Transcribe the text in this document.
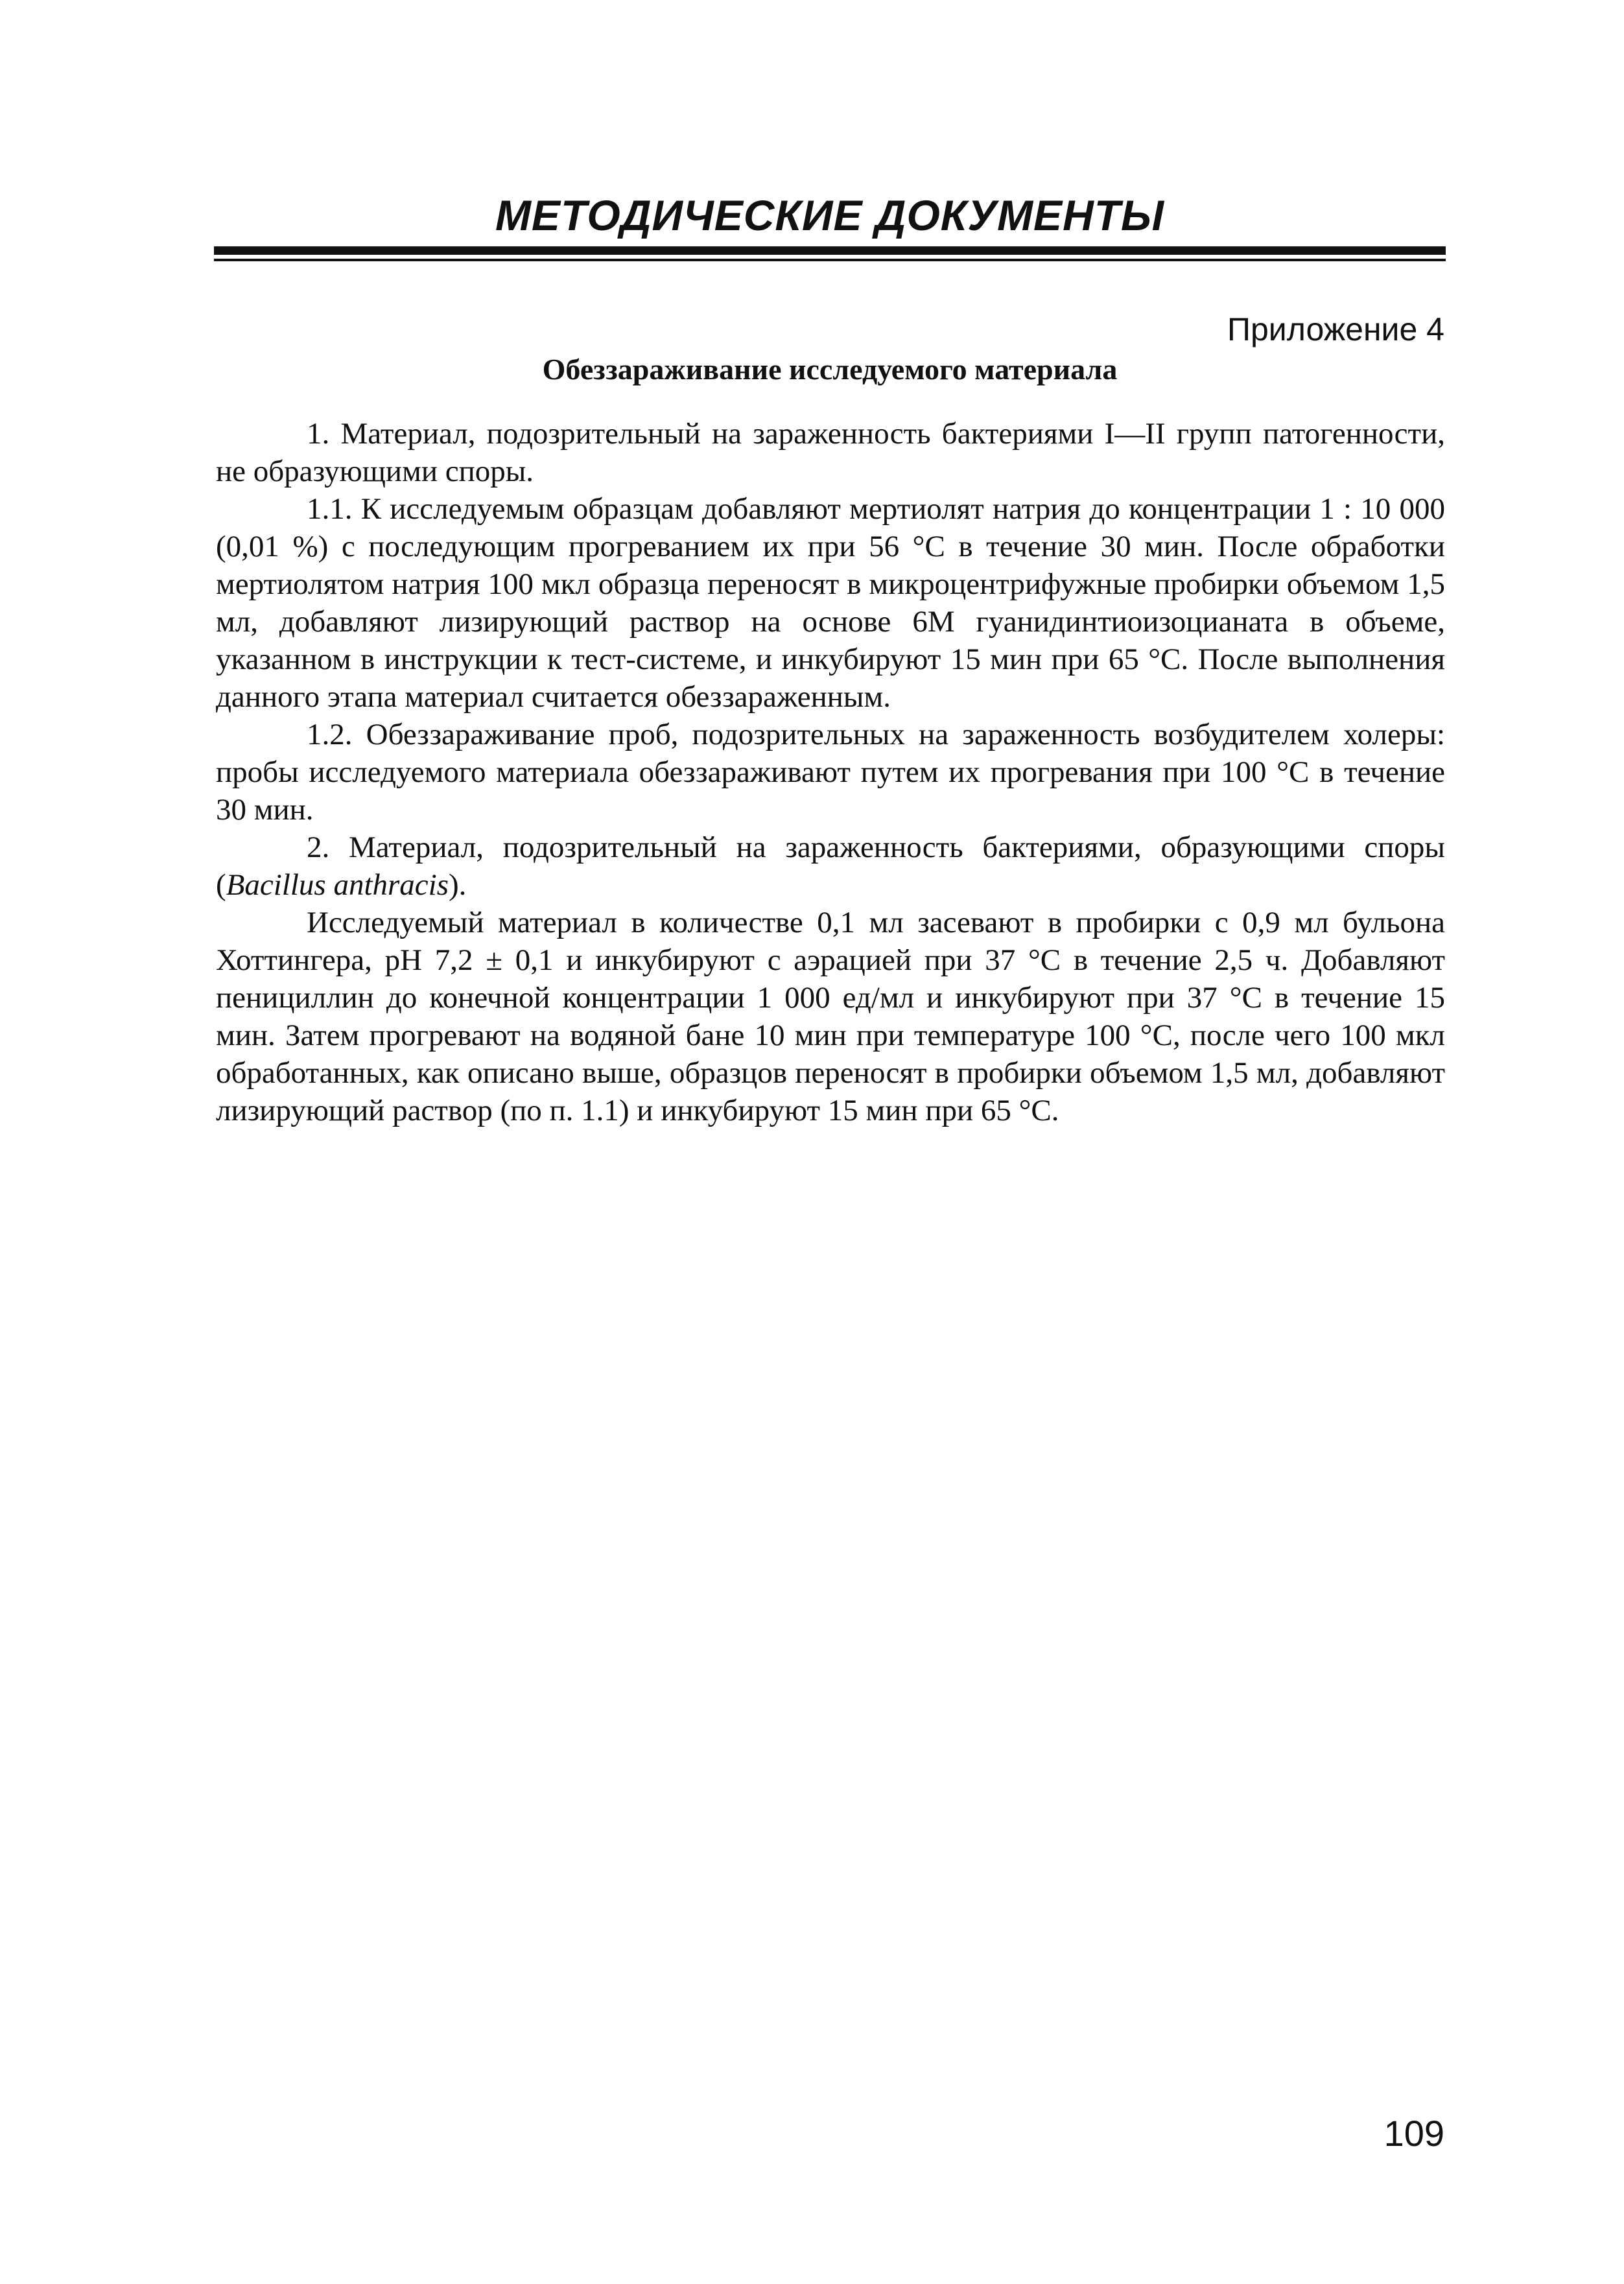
МЕТОДИЧЕСКИЕ ДОКУМЕНТЫ
Приложение 4
Обеззараживание исследуемого материала

1. Материал, подозрительный на зараженность бактериями I—II групп патогенности, не образующими споры.

1.1. К исследуемым образцам добавляют мертиолят натрия до концентрации 1 : 10 000 (0,01 %) с последующим прогреванием их при 56 °С в течение 30 мин. После обработки мертиолятом натрия 100 мкл образца переносят в микроцентрифужные пробирки объемом 1,5 мл, добавляют лизирующий раствор на основе 6М гуанидинтиоизоцианата в объеме, указанном в инструкции к тест-системе, и инкубируют 15 мин при 65 °С. После выполнения данного этапа материал считается обеззараженным.

1.2. Обеззараживание проб, подозрительных на зараженность возбудителем холеры: пробы исследуемого материала обеззараживают путем их прогревания при 100 °С в течение 30 мин.

2. Материал, подозрительный на зараженность бактериями, образующими споры (Bacillus anthracis).

Исследуемый материал в количестве 0,1 мл засевают в пробирки с 0,9 мл бульона Хоттингера, pH 7,2 ± 0,1 и инкубируют с аэрацией при 37 °С в течение 2,5 ч. Добавляют пенициллин до конечной концентрации 1 000 ед/мл и инкубируют при 37 °С в течение 15 мин. Затем прогревают на водяной бане 10 мин при температуре 100 °С, после чего 100 мкл обработанных, как описано выше, образцов переносят в пробирки объемом 1,5 мл, добавляют лизирующий раствор (по п. 1.1) и инкубируют 15 мин при 65 °С.

109
